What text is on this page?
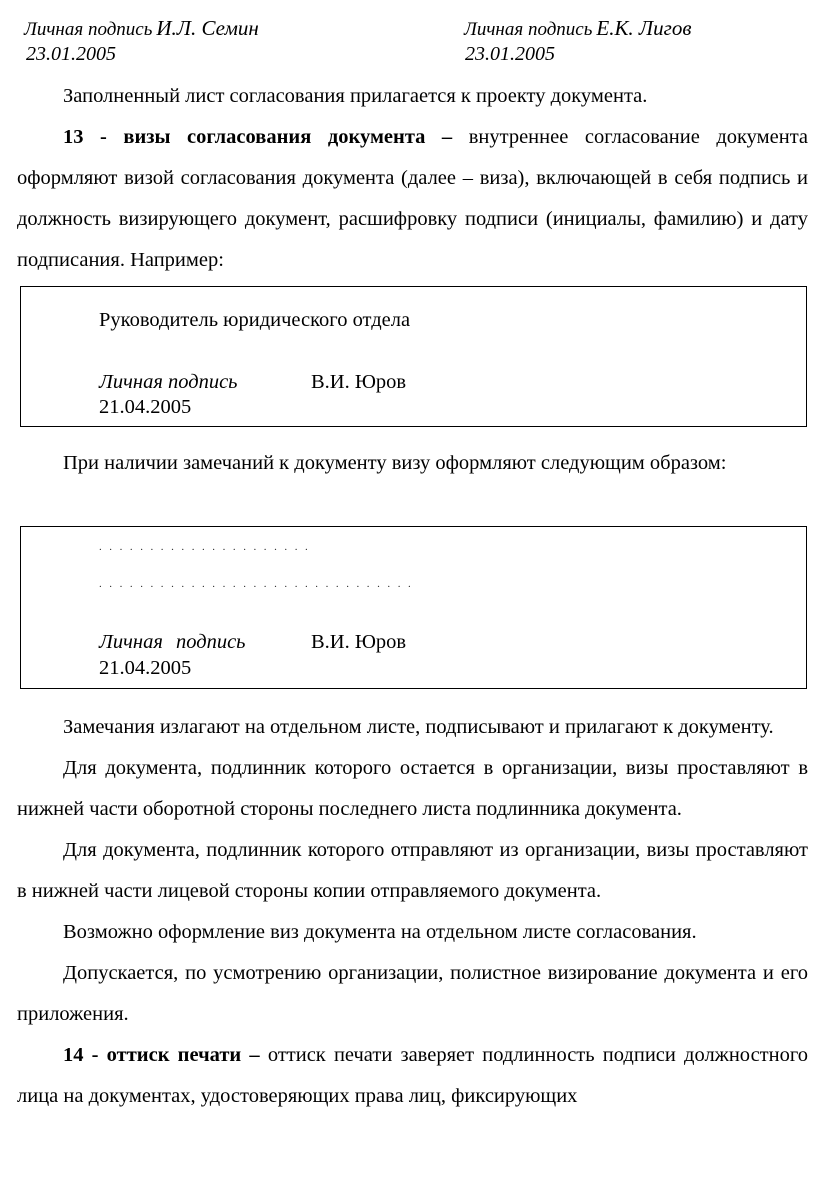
Личная подпись И.Л. Семин
23.01.2005
Личная подпись Е.К. Лигов
23.01.2005

Заполненный лист согласования прилагается к проекту документа.

13 - визы согласования документа – внутреннее согласование документа оформляют визой согласования документа (далее – виза), включающей в себя подпись и должность визирующего документ, расшифровку подписи (инициалы, фамилию) и дату подписания. Например:

Руководитель юридического отдела
Личная подпись	В.И. Юров
21.04.2005

При наличии замечаний к документу визу оформляют следующим образом:

. . . . . . . . . . . . . . . . . . . . .
. . . . . . . . . . . . . . . . . . . . . . . . . . . . . . .
Личная подпись	В.И. Юров
21.04.2005

Замечания излагают на отдельном листе, подписывают и прилагают к документу.

Для документа, подлинник которого остается в организации, визы проставляют в нижней части оборотной стороны последнего листа подлинника документа.

Для документа, подлинник которого отправляют из организации, визы проставляют в нижней части лицевой стороны копии отправляемого документа.

Возможно оформление виз документа на отдельном листе согласования.

Допускается, по усмотрению организации, полистное визирование документа и его приложения.

14 - оттиск печати – оттиск печати заверяет подлинность подписи должностного лица на документах, удостоверяющих права лиц, фиксирующих
